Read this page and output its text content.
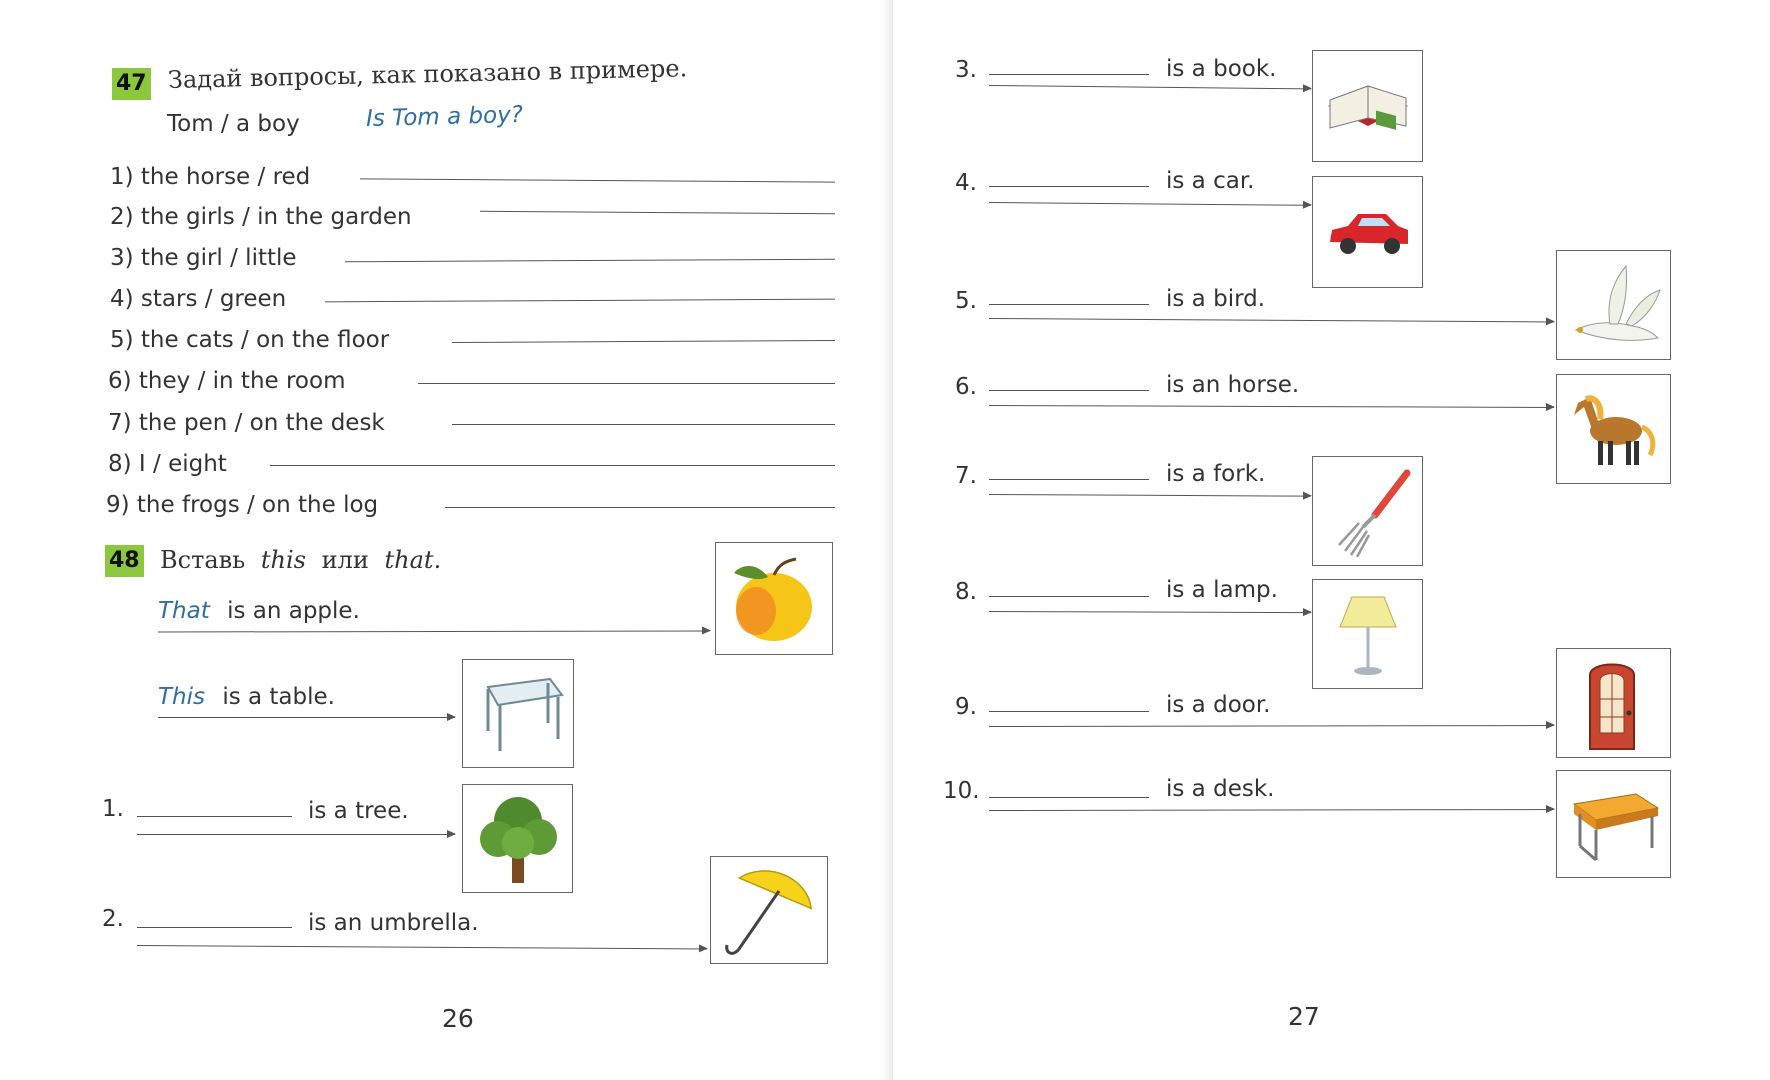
47 Задай вопросы, как показано в примере.
Tom / a boy	Is Tom a boy?
1) the horse / red
2) the girls / in the garden
3) the girl / little
4) stars / green
5) the cats / on the floor
6) they / in the room
7) the pen / on the desk
8) I / eight
9) the frogs / on the log
48 Вставь this или that.
That is an apple.
This is a table.
1.	is a tree.
2.	is an umbrella.
26
3.	is a book.
4.	is a car.
5.	is a bird.
6.	is an horse.
7.	is a fork.
8.	is a lamp.
9.	is a door.
10.	is a desk.
27
